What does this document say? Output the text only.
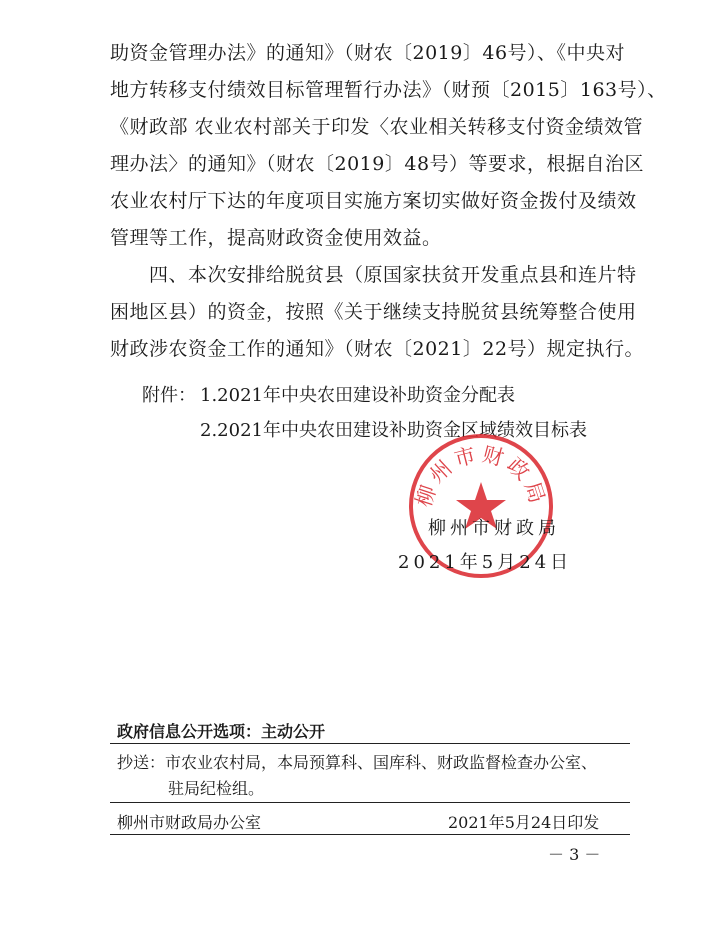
助资金管理办法》的通知》（财农〔2019〕46号）、《中央对
地方转移支付绩效目标管理暂行办法》（财预〔2015〕163号）、
《财政部 农业农村部关于印发〈农业相关转移支付资金绩效管
理办法〉的通知》（财农〔2019〕48号）等要求，根据自治区
农业农村厅下达的年度项目实施方案切实做好资金拨付及绩效
管理等工作，提高财政资金使用效益。
　　四、本次安排给脱贫县（原国家扶贫开发重点县和连片特
困地区县）的资金，按照《关于继续支持脱贫县统筹整合使用
财政涉农资金工作的通知》（财农〔2021〕22号）规定执行。
附件： 1.2021年中央农田建设补助资金分配表
2.2021年中央农田建设补助资金区域绩效目标表
柳州市财政局
柳州市财政局
2021年5月24日
政府信息公开选项：主动公开
抄送：市农业农村局，本局预算科、国库科、财政监督检查办公室、
驻局纪检组。
柳州市财政局办公室	2021年5月24日印发
－ 3 －
